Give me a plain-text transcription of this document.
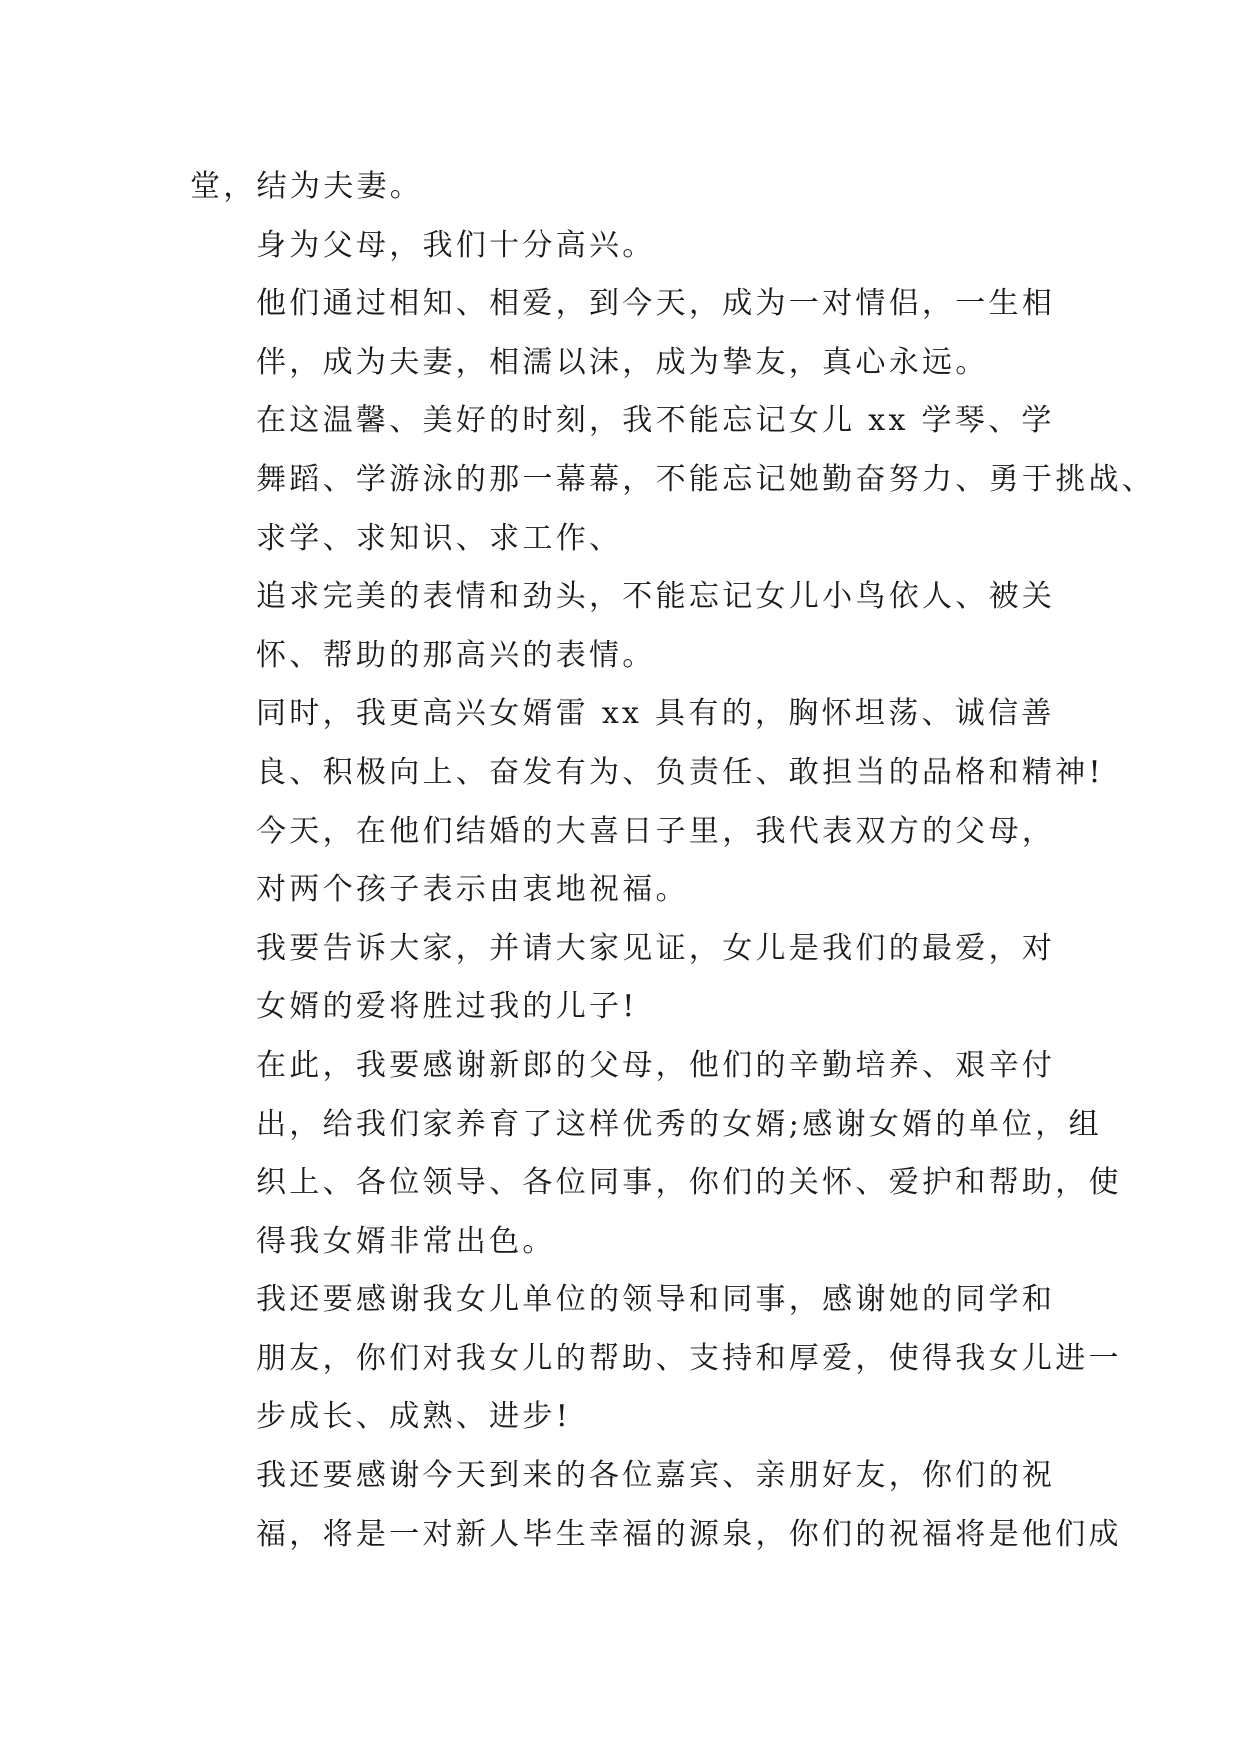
堂，结为夫妻。
身为父母，我们十分高兴。
他们通过相知、相爱，到今天，成为一对情侣，一生相
伴，成为夫妻，相濡以沫，成为挚友，真心永远。
在这温馨、美好的时刻，我不能忘记女儿 xx 学琴、学
舞蹈、学游泳的那一幕幕，不能忘记她勤奋努力、勇于挑战、
求学、求知识、求工作、
追求完美的表情和劲头，不能忘记女儿小鸟依人、被关
怀、帮助的那高兴的表情。
同时，我更高兴女婿雷 xx 具有的，胸怀坦荡、诚信善
良、积极向上、奋发有为、负责任、敢担当的品格和精神!
今天，在他们结婚的大喜日子里，我代表双方的父母，
对两个孩子表示由衷地祝福。
我要告诉大家，并请大家见证，女儿是我们的最爱，对
女婿的爱将胜过我的儿子!
在此，我要感谢新郎的父母，他们的辛勤培养、艰辛付
出，给我们家养育了这样优秀的女婿;感谢女婿的单位，组
织上、各位领导、各位同事，你们的关怀、爱护和帮助，使
得我女婿非常出色。
我还要感谢我女儿单位的领导和同事，感谢她的同学和
朋友，你们对我女儿的帮助、支持和厚爱，使得我女儿进一
步成长、成熟、进步!
我还要感谢今天到来的各位嘉宾、亲朋好友，你们的祝
福，将是一对新人毕生幸福的源泉，你们的祝福将是他们成
